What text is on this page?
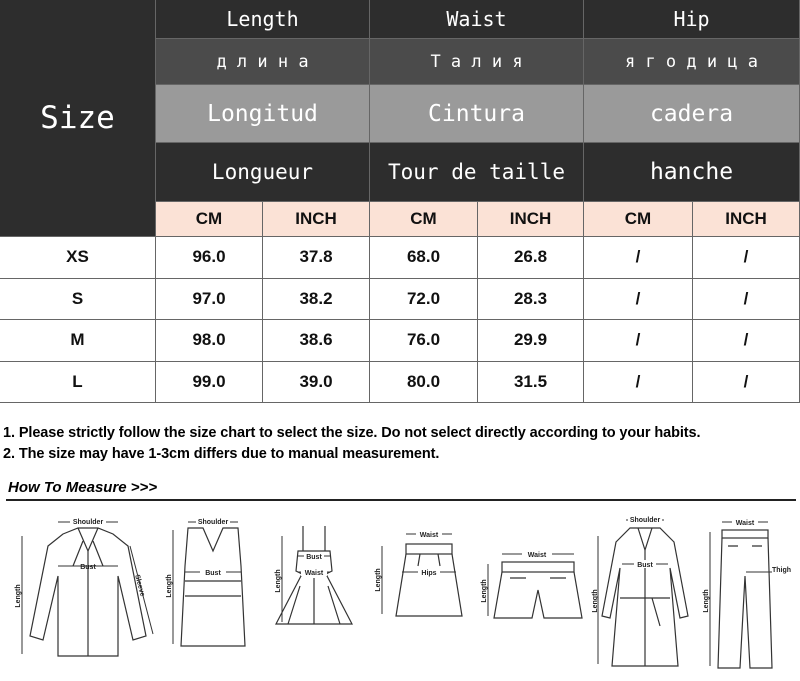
Size
Length
д л и н а
Longitud
Longueur
Waist
Т а л и я
Cintura
Tour de taille
Hip
я г о д и ц а
cadera
hanche
CM	INCH	CM	INCH	CM	INCH
XS	96.0	37.8	68.0	26.8	/	/
S	97.0	38.2	72.0	28.3	/	/
M	98.0	38.6	76.0	29.9	/	/
L	99.0	39.0	80.0	31.5	/	/
1. Please strictly follow the size chart to select the size. Do not select directly according to your habits.
2. The size may have 1-3cm differs due to manual measurement.
How To Measure >>>
Shoulder
Bust
Length	Sleeve
Shoulder
Bust
Length
Bust
Waist
Length
Waist
Hips
Length
Waist
Length
Shoulder
Bust
Length
Waist
Thigh
Length
